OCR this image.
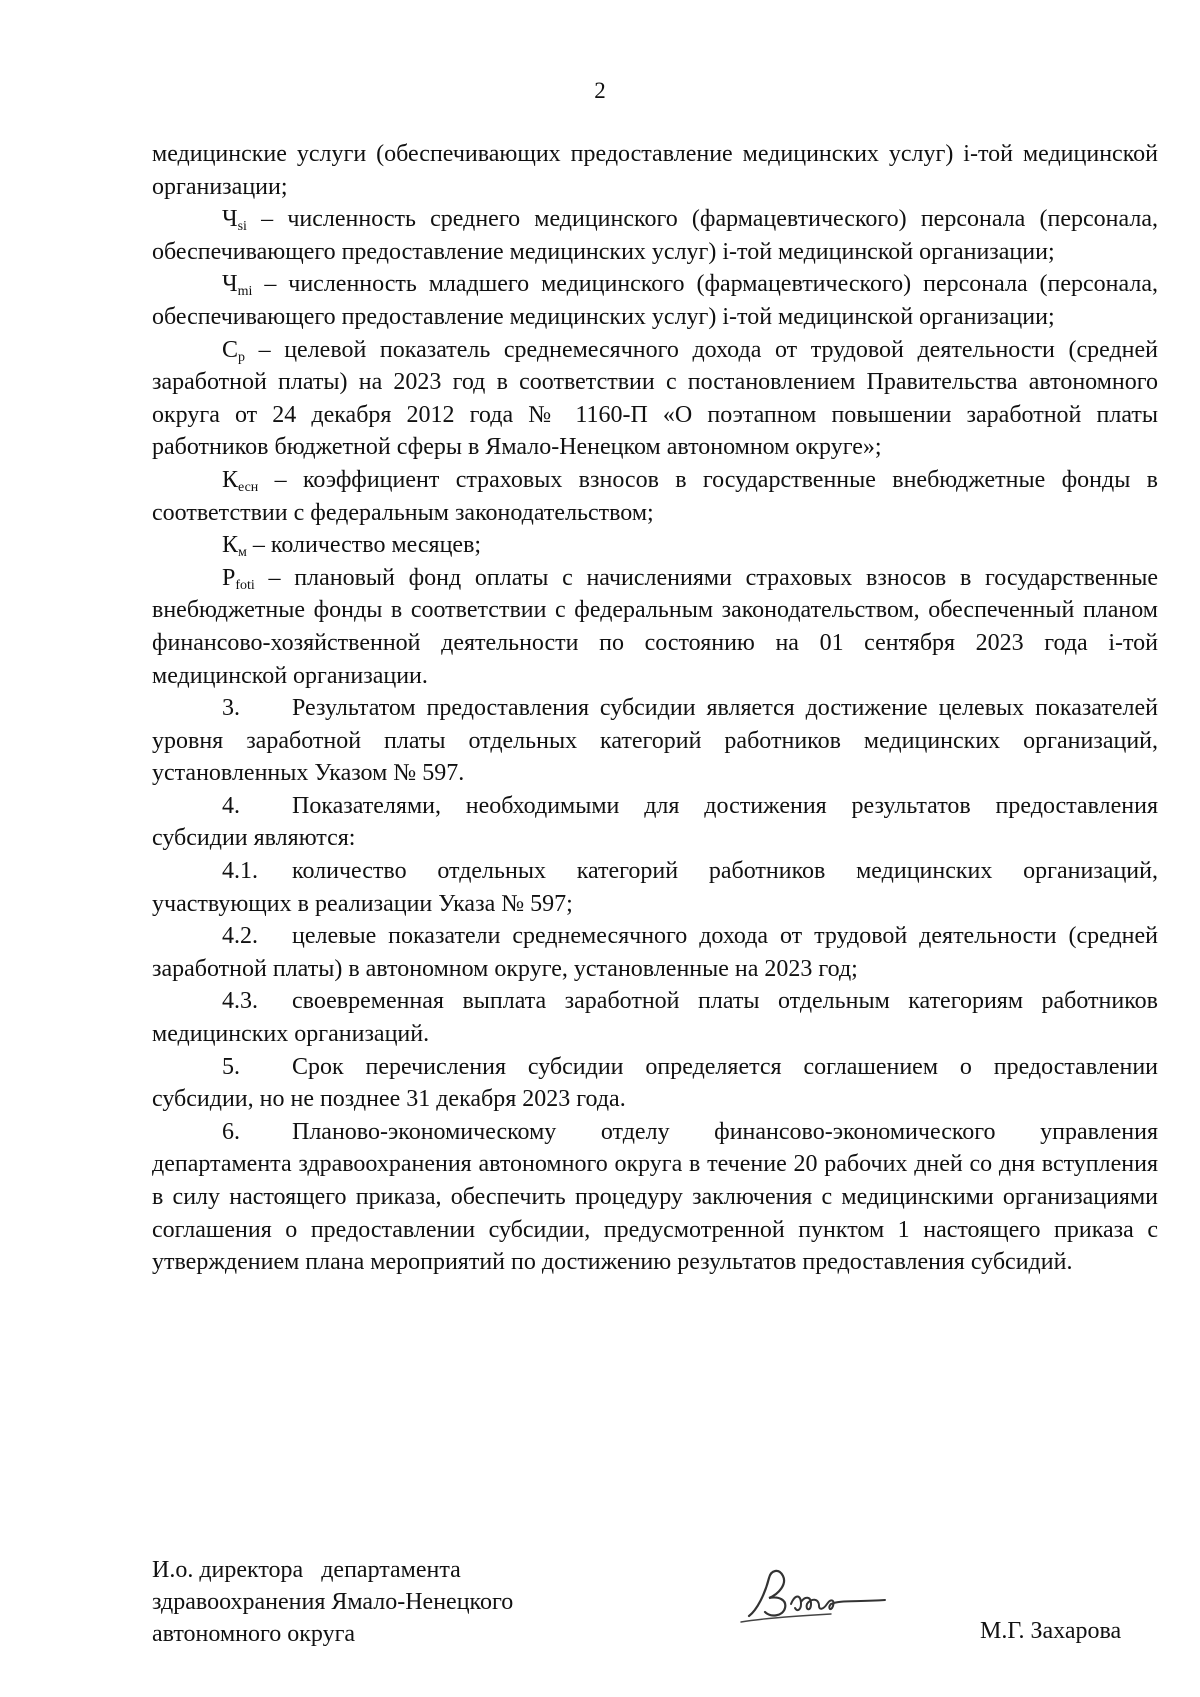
2

медицинские услуги (обеспечивающих предоставление медицинских услуг) i-той медицинской организации;

$Ч_{si}$ – численность среднего медицинского (фармацевтического) персонала (персонала, обеспечивающего предоставление медицинских услуг) i-той медицинской организации;

$Ч_{mi}$ – численность младшего медицинского (фармацевтического) персонала (персонала, обеспечивающего предоставление медицинских услуг) i-той медицинской организации;

$С_р$ – целевой показатель среднемесячного дохода от трудовой деятельности (средней заработной платы) на 2023 год в соответствии с постановлением Правительства автономного округа от 24 декабря 2012 года № 1160-П «О поэтапном повышении заработной платы работников бюджетной сферы в Ямало-Ненецком автономном округе»;

$К_{есн}$ – коэффициент страховых взносов в государственные внебюджетные фонды в соответствии с федеральным законодательством;

$К_м$ – количество месяцев;

$Р_{foti}$ – плановый фонд оплаты с начислениями страховых взносов в государственные внебюджетные фонды в соответствии с федеральным законодательством, обеспеченный планом финансово-хозяйственной деятельности по состоянию на 01 сентября 2023 года i-той медицинской организации.

3. Результатом предоставления субсидии является достижение целевых показателей уровня заработной платы отдельных категорий работников медицинских организаций, установленных Указом № 597.

4. Показателями, необходимыми для достижения результатов предоставления субсидии являются:

4.1. количество отдельных категорий работников медицинских организаций, участвующих в реализации Указа № 597;

4.2. целевые показатели среднемесячного дохода от трудовой деятельности (средней заработной платы) в автономном округе, установленные на 2023 год;

4.3. своевременная выплата заработной платы отдельным категориям работников медицинских организаций.

5. Срок перечисления субсидии определяется соглашением о предоставлении субсидии, но не позднее 31 декабря 2023 года.

6. Планово-экономическому отделу финансово-экономического управления департамента здравоохранения автономного округа в течение 20 рабочих дней со дня вступления в силу настоящего приказа, обеспечить процедуру заключения с медицинскими организациями соглашения о предоставлении субсидии, предусмотренной пунктом 1 настоящего приказа с утверждением плана мероприятий по достижению результатов предоставления субсидий.

И.о. директора   департамента
здравоохранения Ямало-Ненецкого
автономного округа	М.Г. Захарова
